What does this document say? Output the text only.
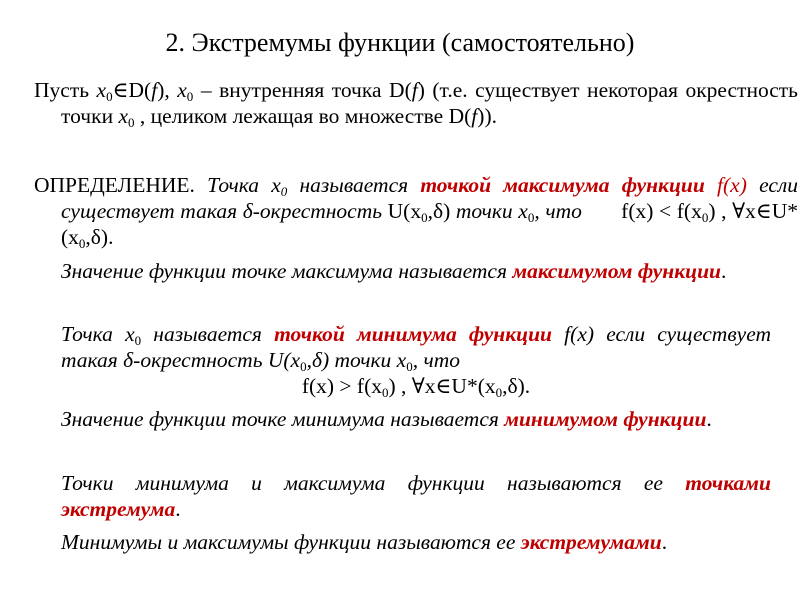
2. Экстремумы функции (самостоятельно)
Пусть $x_0\in D(f)$, $x_0$ – внутренняя точка D(f) (т.е. существует некоторая окрестность точки $x_0$ , целиком лежащая во множестве D(f)).
ОПРЕДЕЛЕНИЕ. Точка $x_0$ называется точкой максимума функции f(x) если существует такая δ-окрестность $U(x_0,\delta)$ точки $x_0$, что $f(x) < f(x_0)$ , $\forall x\in U*(x_0,\delta)$.
Значение функции точке максимума называется максимумом функции.
Точка $x_0$ называется точкой минимума функции f(x) если существует такая δ-окрестность $U(x_0,\delta)$ точки $x_0$, что
$f(x) > f(x_0)$ , $\forall x\in U*(x_0,\delta)$.
Значение функции точке минимума называется минимумом функции.
Точки минимума и максимума функции называются ее точками экстремума.
Минимумы и максимумы функции называются ее экстремумами.
